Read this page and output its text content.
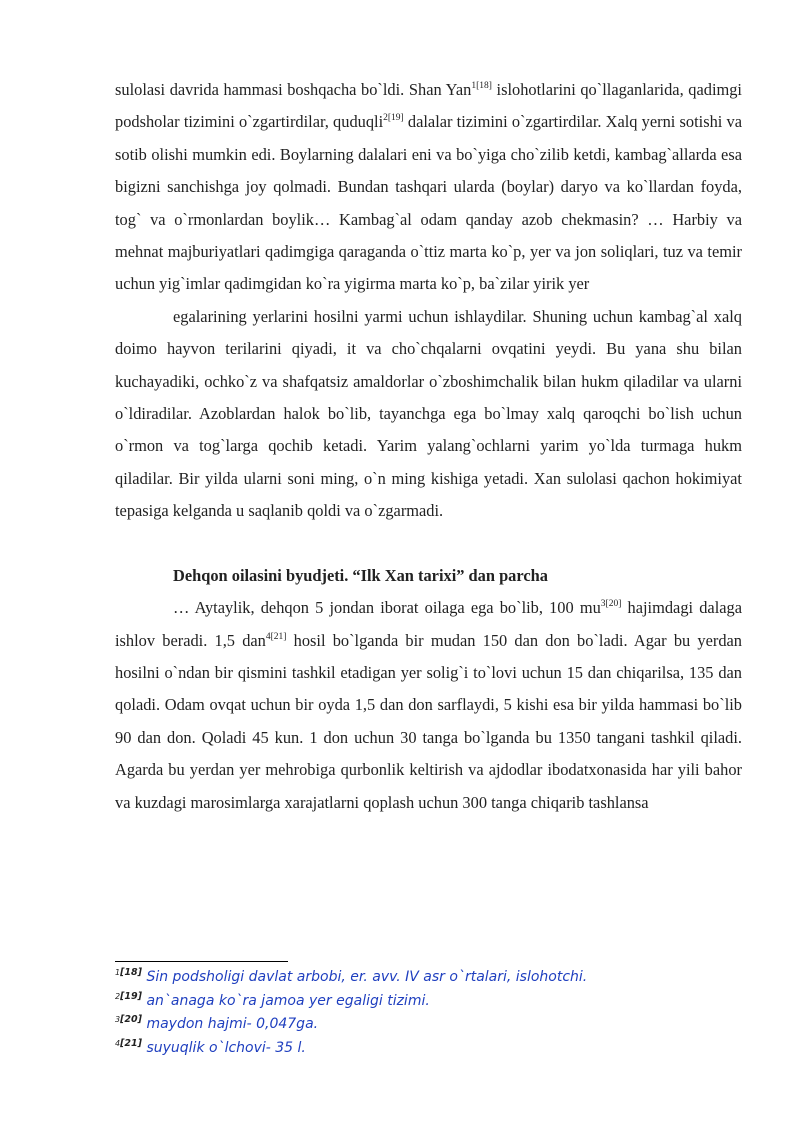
sulolasi davrida hammasi boshqacha bo`ldi. Shan Yan$^{1[18]}$ islohotlarini qo`llaganlarida, qadimgi podsholar tizimini o`zgartirdilar, quduqli$^{2[19]}$ dalalar tizimini o`zgartirdilar. Xalq yerni sotishi va sotib olishi mumkin edi. Boylarning dalalari eni va bo`yiga cho`zilib ketdi, kambag`allarda esa bigizni sanchishga joy qolmadi. Bundan tashqari ularda (boylar) daryo va ko`llardan foyda, tog` va o`rmonlardan boylik… Kambag`al odam qanday azob chekmasin? … Harbiy va mehnat majburiyatlari qadimgiga qaraganda o`ttiz marta ko`p, yer va jon soliqlari, tuz va temir uchun yig`imlar qadimgidan ko`ra yigirma marta ko`p, ba`zilar yirik yer

egalarining yerlarini hosilni yarmi uchun ishlaydilar. Shuning uchun kambag`al xalq doimo hayvon terilarini qiyadi, it va cho`chqalarni ovqatini yeydi. Bu yana shu bilan kuchayadiki, ochko`z va shafqatsiz amaldorlar o`zboshimchalik bilan hukm qiladilar va ularni o`ldiradilar. Azoblardan halok bo`lib, tayanchga ega bo`lmay xalq qaroqchi bo`lish uchun o`rmon va tog`larga qochib ketadi. Yarim yalang`ochlarni yarim yo`lda turmaga hukm qiladilar. Bir yilda ularni soni ming, o`n ming kishiga yetadi. Xan sulolasi qachon hokimiyat tepasiga kelganda u saqlanib qoldi va o`zgarmadi.

Dehqon oilasini byudjeti. “Ilk Xan tarixi” dan parcha

… Aytaylik, dehqon 5 jondan iborat oilaga ega bo`lib, 100 $mu^{3[20]}$ hajimdagi dalaga ishlov beradi. 1,5 dan$^{4[21]}$ hosil bo`lganda bir mudan 150 dan don bo`ladi. Agar bu yerdan hosilni o`ndan bir qismini tashkil etadigan yer solig`i to`lovi uchun 15 dan chiqarilsa, 135 dan qoladi. Odam ovqat uchun bir oyda 1,5 dan don sarflaydi, 5 kishi esa bir yilda hammasi bo`lib 90 dan don. Qoladi 45 kun. 1 don uchun 30 tanga bo`lganda bu 1350 tangani tashkil qiladi. Agarda bu yerdan yer mehrobiga qurbonlik keltirish va ajdodlar ibodatxonasida har yili bahor va kuzdagi marosimlarga xarajatlarni qoplash uchun 300 tanga chiqarib tashlansa

$^{1[18]}$ Sin podsholigi davlat arbobi, er. avv. IV asr o`rtalari, islohotchi.
$^{2[19]}$ an`anaga ko`ra jamoa yer egaligi tizimi.
$^{3[20]}$ maydon hajmi- 0,047ga.
$^{4[21]}$ suyuqlik o`lchovi- 35 l.
